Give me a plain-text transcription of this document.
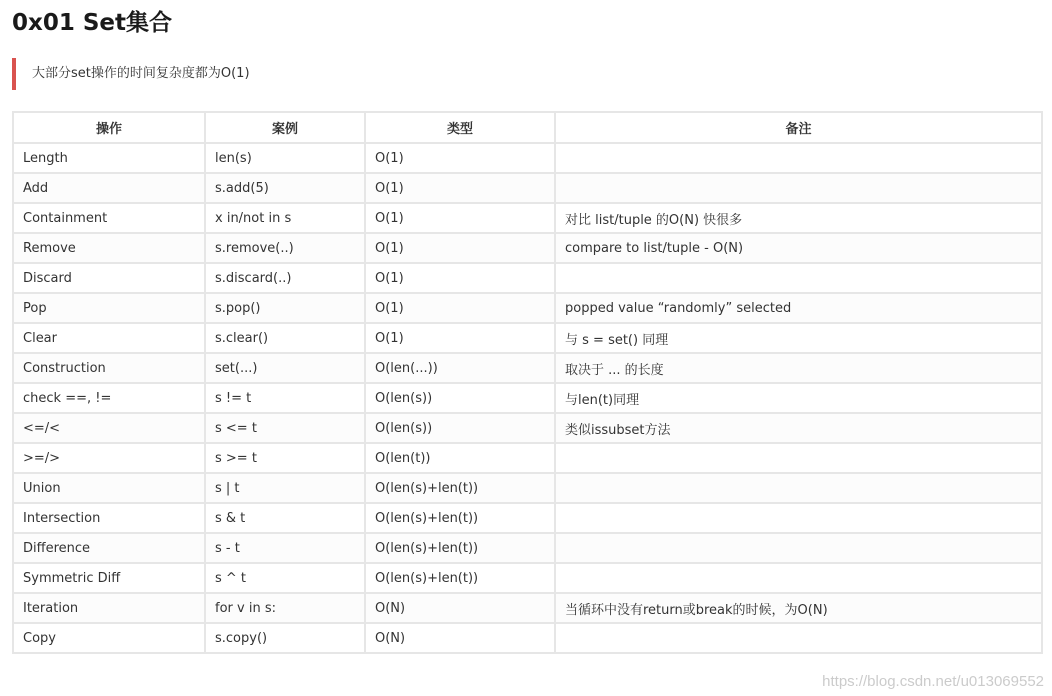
0x01 Set集合
大部分set操作的时间复杂度都为O(1)
操作	案例	类型	备注
Length	len(s)	O(1)	
Add	s.add(5)	O(1)	
Containment	x in/not in s	O(1)	对比 list/tuple 的O(N) 快很多
Remove	s.remove(..)	O(1)	compare to list/tuple - O(N)
Discard	s.discard(..)	O(1)	
Pop	s.pop()	O(1)	popped value “randomly” selected
Clear	s.clear()	O(1)	与 s = set() 同理
Construction	set(...)	O(len(...))	取决于 ... 的长度
check ==, !=	s != t	O(len(s))	与len(t)同理
<=/<	s <= t	O(len(s))	类似issubset方法
>=/>	s >= t	O(len(t))	
Union	s | t	O(len(s)+len(t))	
Intersection	s & t	O(len(s)+len(t))	
Difference	s - t	O(len(s)+len(t))	
Symmetric Diff	s ^ t	O(len(s)+len(t))	
Iteration	for v in s:	O(N)	当循环中没有return或break的时候，为O(N)
Copy	s.copy()	O(N)	
https://blog.csdn.net/u013069552
